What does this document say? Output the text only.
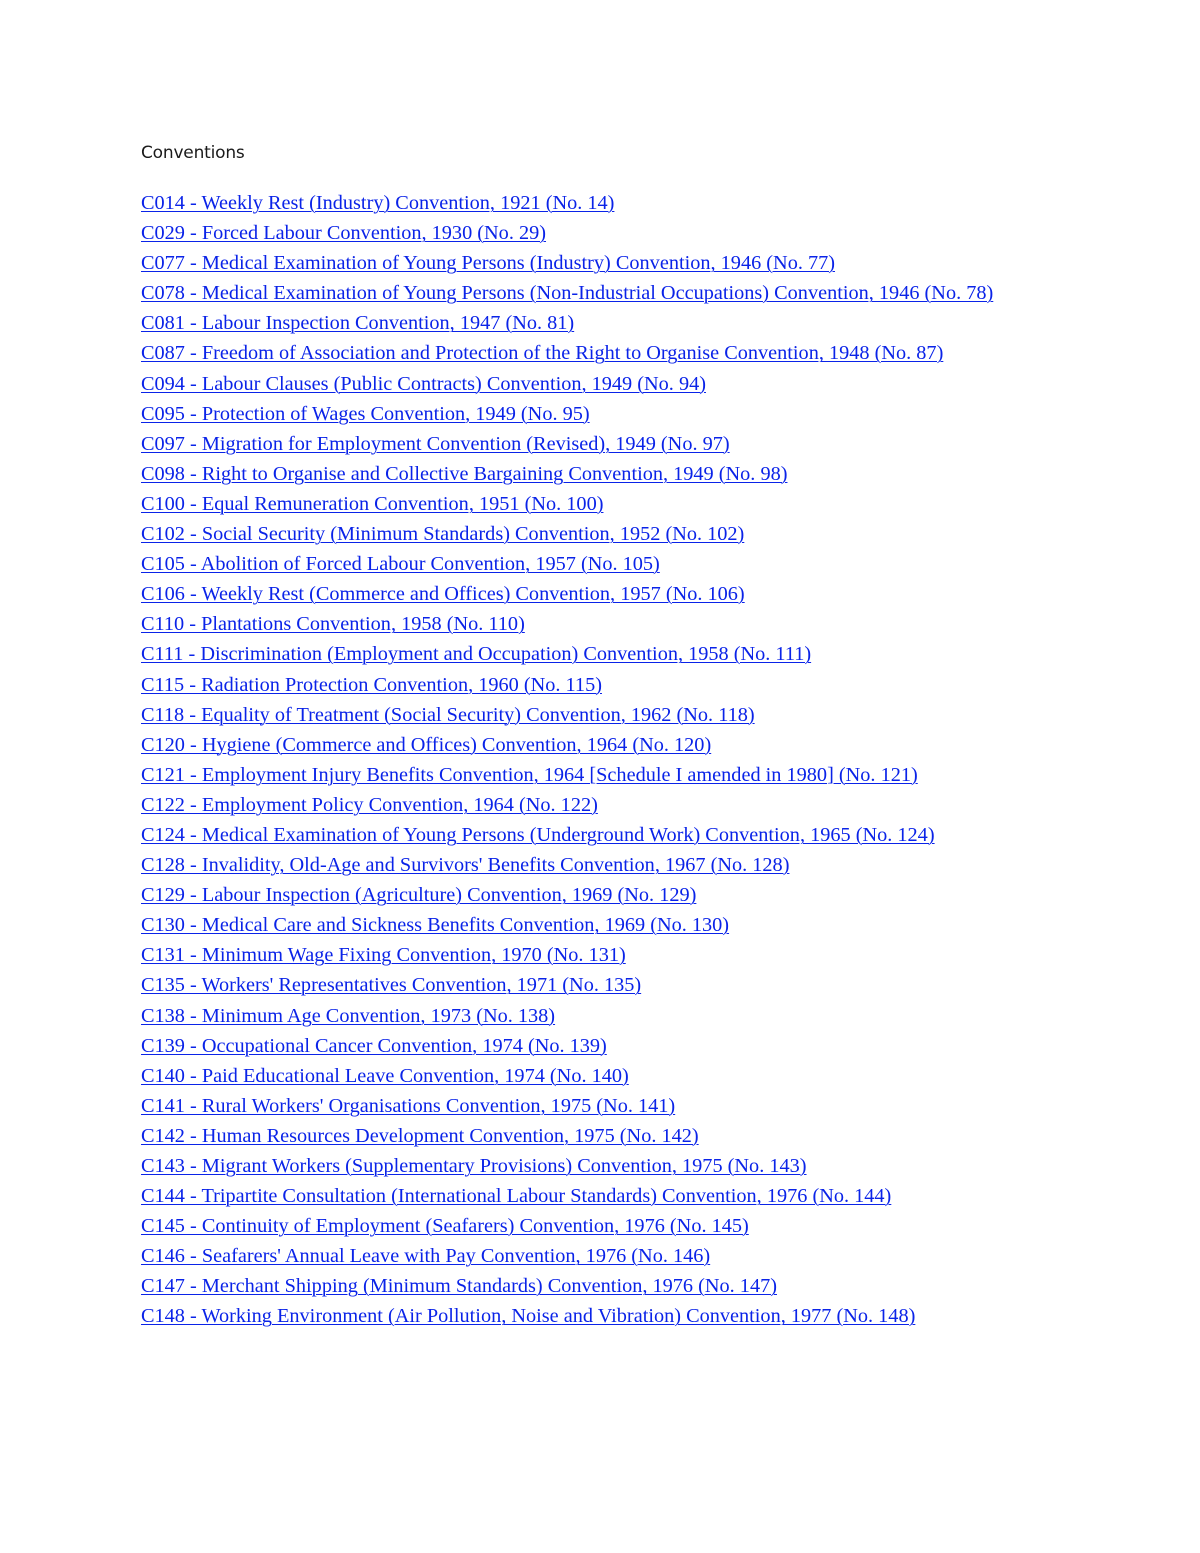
Conventions
C014 - Weekly Rest (Industry) Convention, 1921 (No. 14)
C029 - Forced Labour Convention, 1930 (No. 29)
C077 - Medical Examination of Young Persons (Industry) Convention, 1946 (No. 77)
C078 - Medical Examination of Young Persons (Non-Industrial Occupations) Convention, 1946 (No. 78)
C081 - Labour Inspection Convention, 1947 (No. 81)
C087 - Freedom of Association and Protection of the Right to Organise Convention, 1948 (No. 87)
C094 - Labour Clauses (Public Contracts) Convention, 1949 (No. 94)
C095 - Protection of Wages Convention, 1949 (No. 95)
C097 - Migration for Employment Convention (Revised), 1949 (No. 97)
C098 - Right to Organise and Collective Bargaining Convention, 1949 (No. 98)
C100 - Equal Remuneration Convention, 1951 (No. 100)
C102 - Social Security (Minimum Standards) Convention, 1952 (No. 102)
C105 - Abolition of Forced Labour Convention, 1957 (No. 105)
C106 - Weekly Rest (Commerce and Offices) Convention, 1957 (No. 106)
C110 - Plantations Convention, 1958 (No. 110)
C111 - Discrimination (Employment and Occupation) Convention, 1958 (No. 111)
C115 - Radiation Protection Convention, 1960 (No. 115)
C118 - Equality of Treatment (Social Security) Convention, 1962 (No. 118)
C120 - Hygiene (Commerce and Offices) Convention, 1964 (No. 120)
C121 - Employment Injury Benefits Convention, 1964 [Schedule I amended in 1980] (No. 121)
C122 - Employment Policy Convention, 1964 (No. 122)
C124 - Medical Examination of Young Persons (Underground Work) Convention, 1965 (No. 124)
C128 - Invalidity, Old-Age and Survivors' Benefits Convention, 1967 (No. 128)
C129 - Labour Inspection (Agriculture) Convention, 1969 (No. 129)
C130 - Medical Care and Sickness Benefits Convention, 1969 (No. 130)
C131 - Minimum Wage Fixing Convention, 1970 (No. 131)
C135 - Workers' Representatives Convention, 1971 (No. 135)
C138 - Minimum Age Convention, 1973 (No. 138)
C139 - Occupational Cancer Convention, 1974 (No. 139)
C140 - Paid Educational Leave Convention, 1974 (No. 140)
C141 - Rural Workers' Organisations Convention, 1975 (No. 141)
C142 - Human Resources Development Convention, 1975 (No. 142)
C143 - Migrant Workers (Supplementary Provisions) Convention, 1975 (No. 143)
C144 - Tripartite Consultation (International Labour Standards) Convention, 1976 (No. 144)
C145 - Continuity of Employment (Seafarers) Convention, 1976 (No. 145)
C146 - Seafarers' Annual Leave with Pay Convention, 1976 (No. 146)
C147 - Merchant Shipping (Minimum Standards) Convention, 1976 (No. 147)
C148 - Working Environment (Air Pollution, Noise and Vibration) Convention, 1977 (No. 148)
